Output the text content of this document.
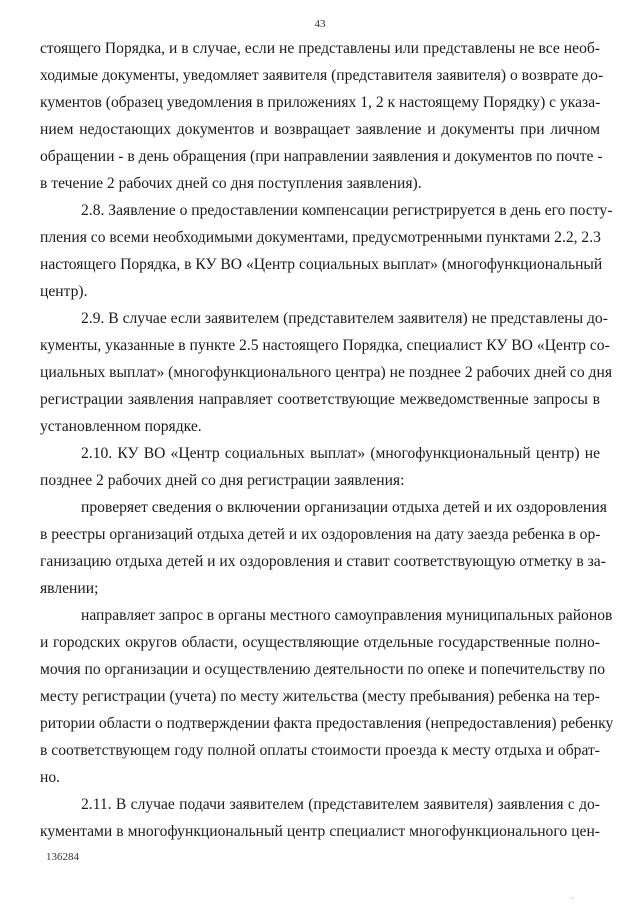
43
стоящего Порядка, и в случае, если не представлены или представлены не все необ-
ходимые документы, уведомляет заявителя (представителя заявителя) о возврате до-
кументов (образец уведомления в приложениях 1, 2 к настоящему Порядку) с указа-
нием недостающих документов и возвращает заявление и документы при личном
обращении - в день обращения (при направлении заявления и документов по почте -
в течение 2 рабочих дней со дня поступления заявления).
2.8. Заявление о предоставлении компенсации регистрируется в день его посту-
пления со всеми необходимыми документами, предусмотренными пунктами 2.2, 2.3
настоящего Порядка, в КУ ВО «Центр социальных выплат» (многофункциональный
центр).
2.9. В случае если заявителем (представителем заявителя) не представлены до-
кументы, указанные в пункте 2.5 настоящего Порядка, специалист КУ ВО «Центр со-
циальных выплат» (многофункционального центра) не позднее 2 рабочих дней со дня
регистрации заявления направляет соответствующие межведомственные запросы в
установленном порядке.
2.10. КУ ВО «Центр социальных выплат» (многофункциональный центр) не
позднее 2 рабочих дней со дня регистрации заявления:
проверяет сведения о включении организации отдыха детей и их оздоровления
в реестры организаций отдыха детей и их оздоровления на дату заезда ребенка в ор-
ганизацию отдыха детей и их оздоровления и ставит соответствующую отметку в за-
явлении;
направляет запрос в органы местного самоуправления муниципальных районов
и городских округов области, осуществляющие отдельные государственные полно-
мочия по организации и осуществлению деятельности по опеке и попечительству по
месту регистрации (учета) по месту жительства (месту пребывания) ребенка на тер-
ритории области о подтверждении факта предоставления (непредоставления) ребенку
в соответствующем году полной оплаты стоимости проезда к месту отдыха и обрат-
но.
2.11. В случае подачи заявителем (представителем заявителя) заявления с до-
кументами в многофункциональный центр специалист многофункционального цен-
136284
·
